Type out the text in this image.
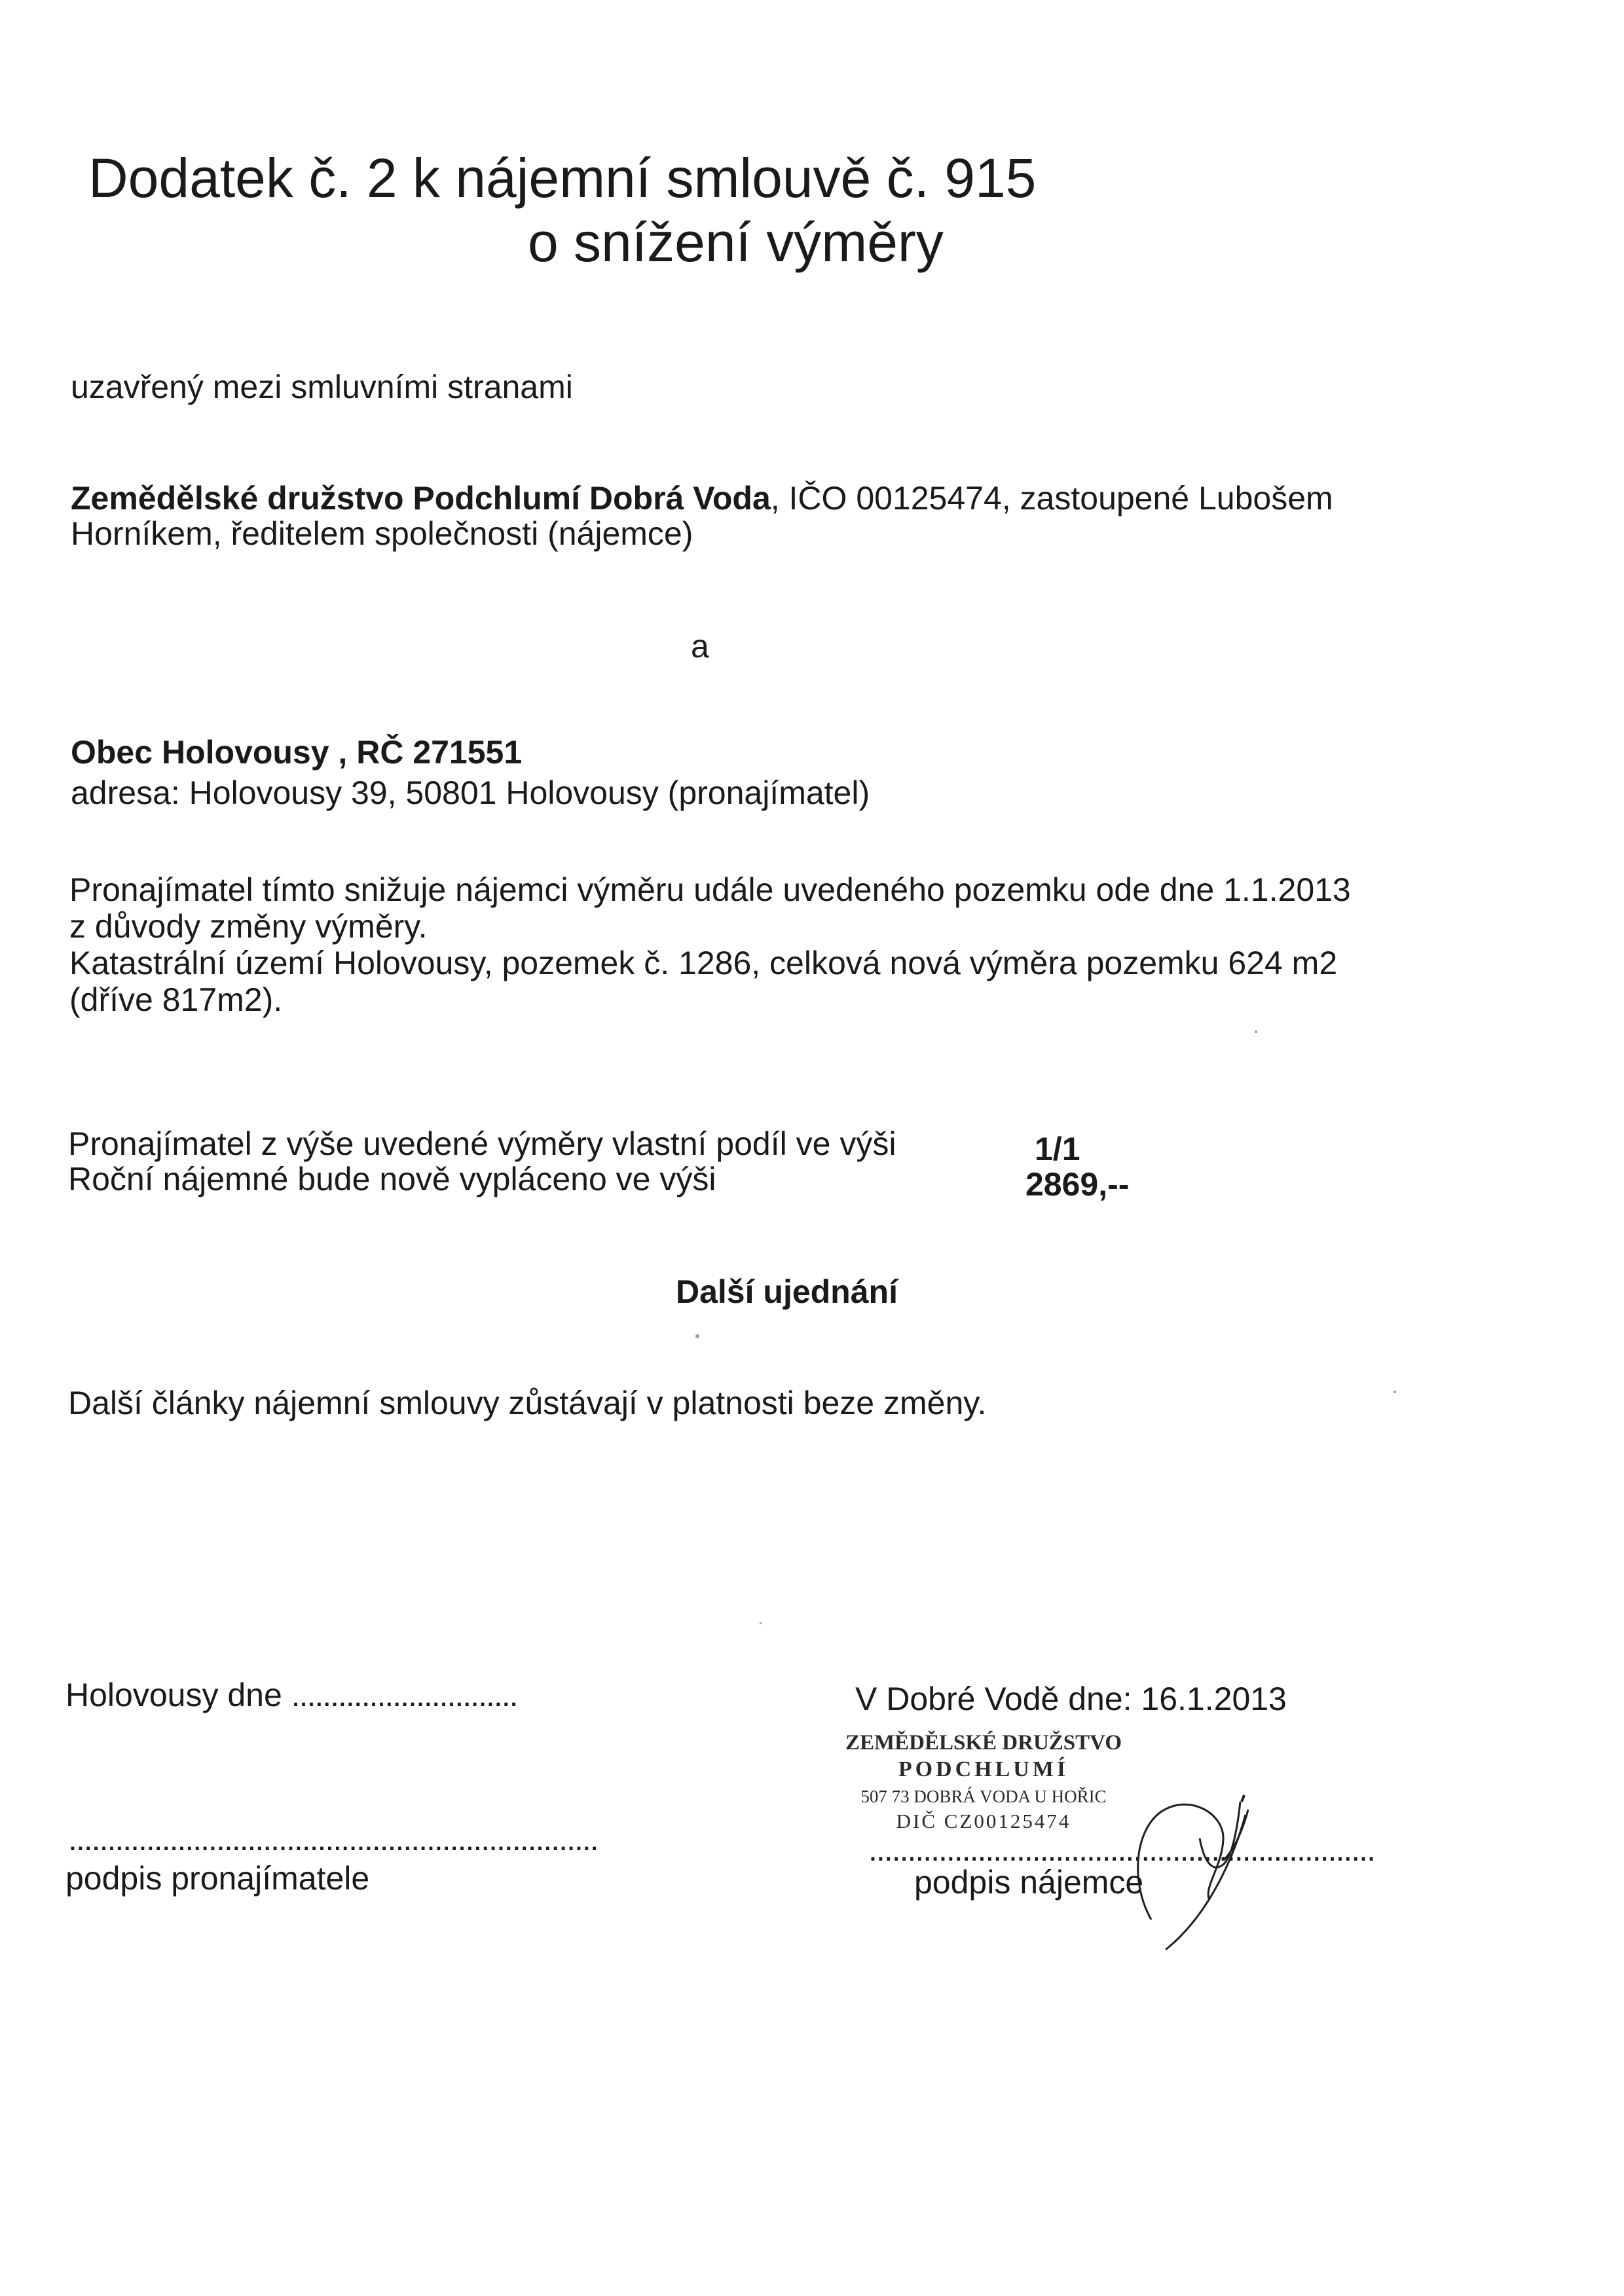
Dodatek č. 2 k nájemní smlouvě č. 915
o snížení výměry
uzavřený mezi smluvními stranami
Zemědělské družstvo Podchlumí Dobrá Voda, IČO 00125474, zastoupené Lubošem
Horníkem, ředitelem společnosti (nájemce)
a
Obec Holovousy , RČ 271551
adresa: Holovousy 39, 50801 Holovousy (pronajímatel)
Pronajímatel tímto snižuje nájemci výměru udále uvedeného pozemku ode dne 1.1.2013
z důvody změny výměry.
Katastrální území Holovousy, pozemek č. 1286, celková nová výměra pozemku 624 m2
(dříve 817m2).
Pronajímatel z výše uvedené výměry vlastní podíl ve výši	1/1
Roční nájemné bude nově vypláceno ve výši	2869,--
Další ujednání
Další články nájemní smlouvy zůstávají v platnosti beze změny.
Holovousy dne .............................
....................................................................
podpis pronajímatele
V Dobré Vodě dne: 16.1.2013
ZEMĚDĚLSKÉ DRUŽSTVO
PODCHLUMÍ
507 73 DOBRÁ VODA U HOŘIC
DIČ CZ00125474
.................................................................
podpis nájemce
